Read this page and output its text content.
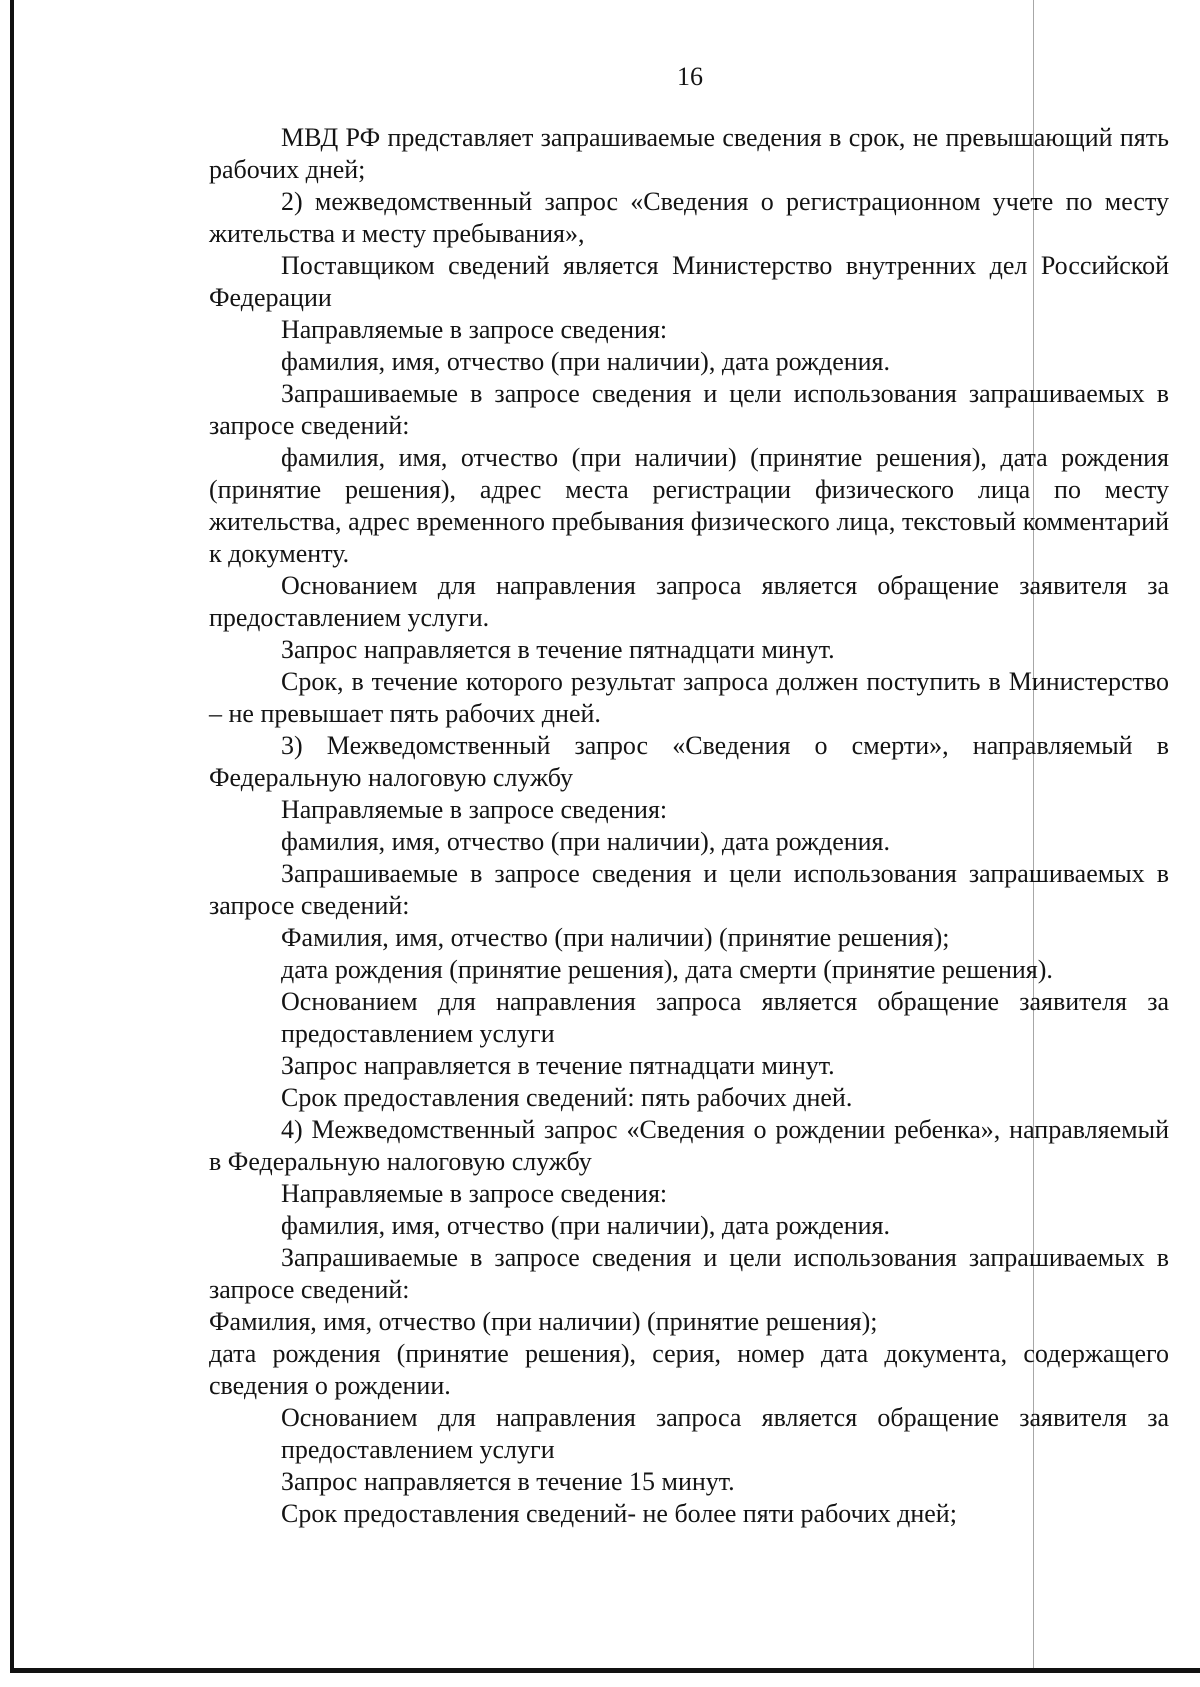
16

МВД РФ представляет запрашиваемые сведения в срок, не превышающий пять рабочих дней;

2) межведомственный запрос «Сведения о регистрационном учете по месту жительства и месту пребывания»,

Поставщиком сведений является Министерство внутренних дел Российской Федерации

Направляемые в запросе сведения:

фамилия, имя, отчество (при наличии), дата рождения.

Запрашиваемые в запросе сведения и цели использования запрашиваемых в запросе сведений:

фамилия, имя, отчество (при наличии) (принятие решения), дата рождения (принятие решения), адрес места регистрации физического лица по месту жительства, адрес временного пребывания физического лица, текстовый комментарий к документу.

Основанием для направления запроса является обращение заявителя за предоставлением услуги.

Запрос направляется в течение пятнадцати минут.

Срок, в течение которого результат запроса должен поступить в Министерство – не превышает пять рабочих дней.

3) Межведомственный запрос «Сведения о смерти», направляемый в Федеральную налоговую службу

Направляемые в запросе сведения:

фамилия, имя, отчество (при наличии), дата рождения.

Запрашиваемые в запросе сведения и цели использования запрашиваемых в запросе сведений:

Фамилия, имя, отчество (при наличии) (принятие решения);

дата рождения (принятие решения), дата смерти (принятие решения).

Основанием для направления запроса является обращение заявителя за предоставлением услуги

Запрос направляется в течение пятнадцати минут.

Срок предоставления сведений: пять рабочих дней.

4) Межведомственный запрос «Сведения о рождении ребенка», направляемый в Федеральную налоговую службу

Направляемые в запросе сведения:

фамилия, имя, отчество (при наличии), дата рождения.

Запрашиваемые в запросе сведения и цели использования запрашиваемых в запросе сведений:

Фамилия, имя, отчество (при наличии) (принятие решения);

дата рождения (принятие решения), серия, номер дата документа, содержащего сведения о рождении.

Основанием для направления запроса является обращение заявителя за предоставлением услуги

Запрос направляется в течение 15 минут.

Срок предоставления сведений- не более пяти рабочих дней;
